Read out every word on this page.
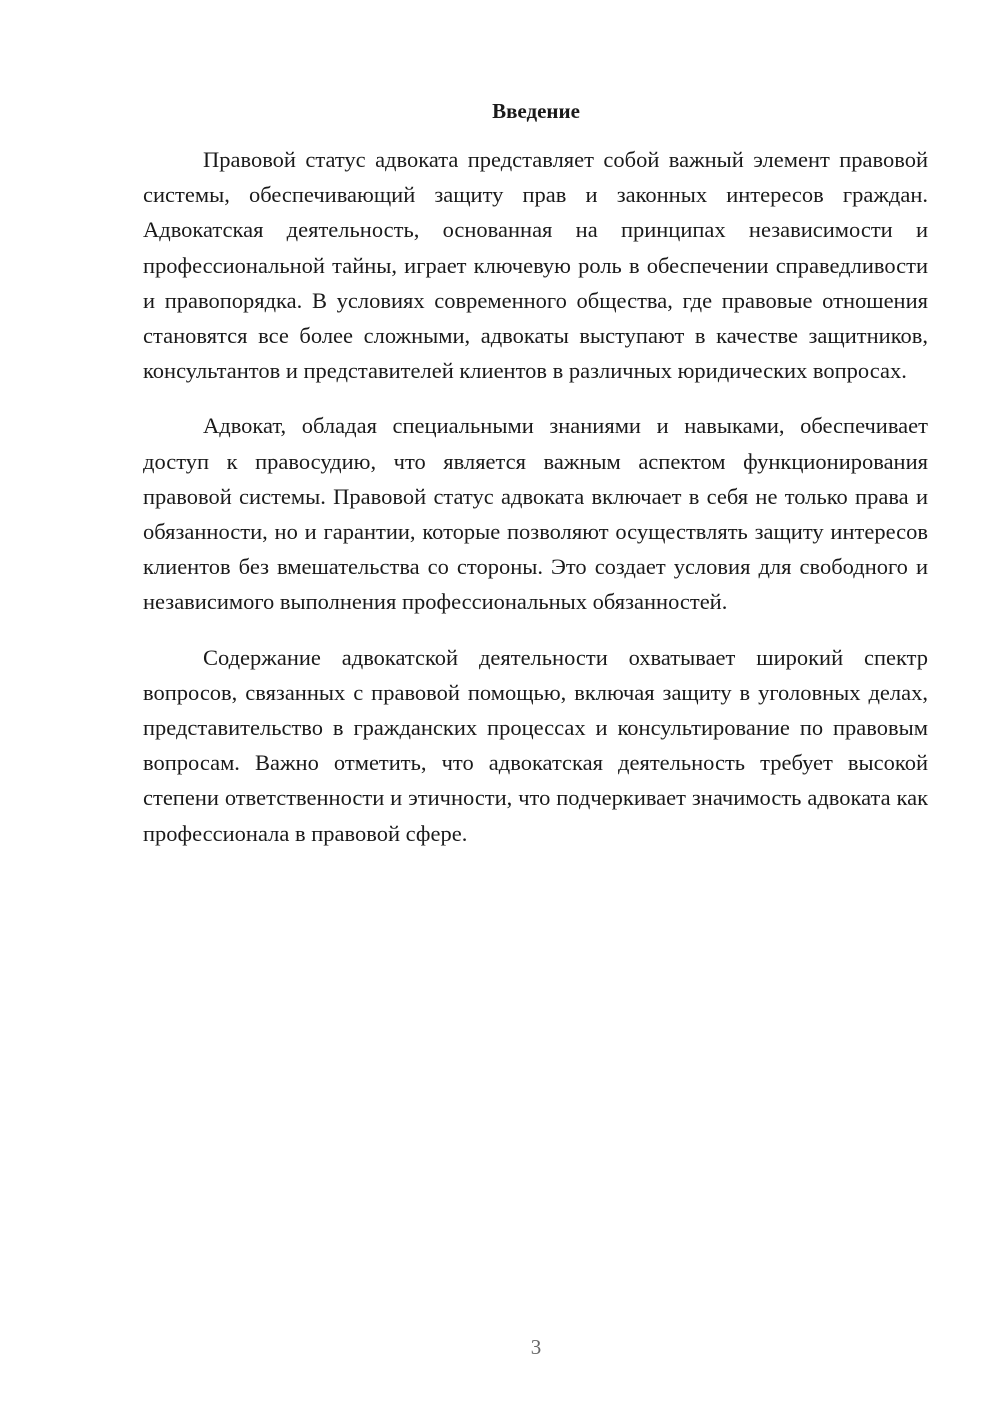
Введение

Правовой статус адвоката представляет собой важный элемент правовой системы, обеспечивающий защиту прав и законных интересов граждан. Адвокатская деятельность, основанная на принципах независимости и профессиональной тайны, играет ключевую роль в обеспечении справедливости и правопорядка. В условиях современного общества, где правовые отношения становятся все более сложными, адвокаты выступают в качестве защитников, консультантов и представителей клиентов в различных юридических вопросах.

Адвокат, обладая специальными знаниями и навыками, обеспечивает доступ к правосудию, что является важным аспектом функционирования правовой системы. Правовой статус адвоката включает в себя не только права и обязанности, но и гарантии, которые позволяют осуществлять защиту интересов клиентов без вмешательства со стороны. Это создает условия для свободного и независимого выполнения профессиональных обязанностей.

Содержание адвокатской деятельности охватывает широкий спектр вопросов, связанных с правовой помощью, включая защиту в уголовных делах, представительство в гражданских процессах и консультирование по правовым вопросам. Важно отметить, что адвокатская деятельность требует высокой степени ответственности и этичности, что подчеркивает значимость адвоката как профессионала в правовой сфере.

3
